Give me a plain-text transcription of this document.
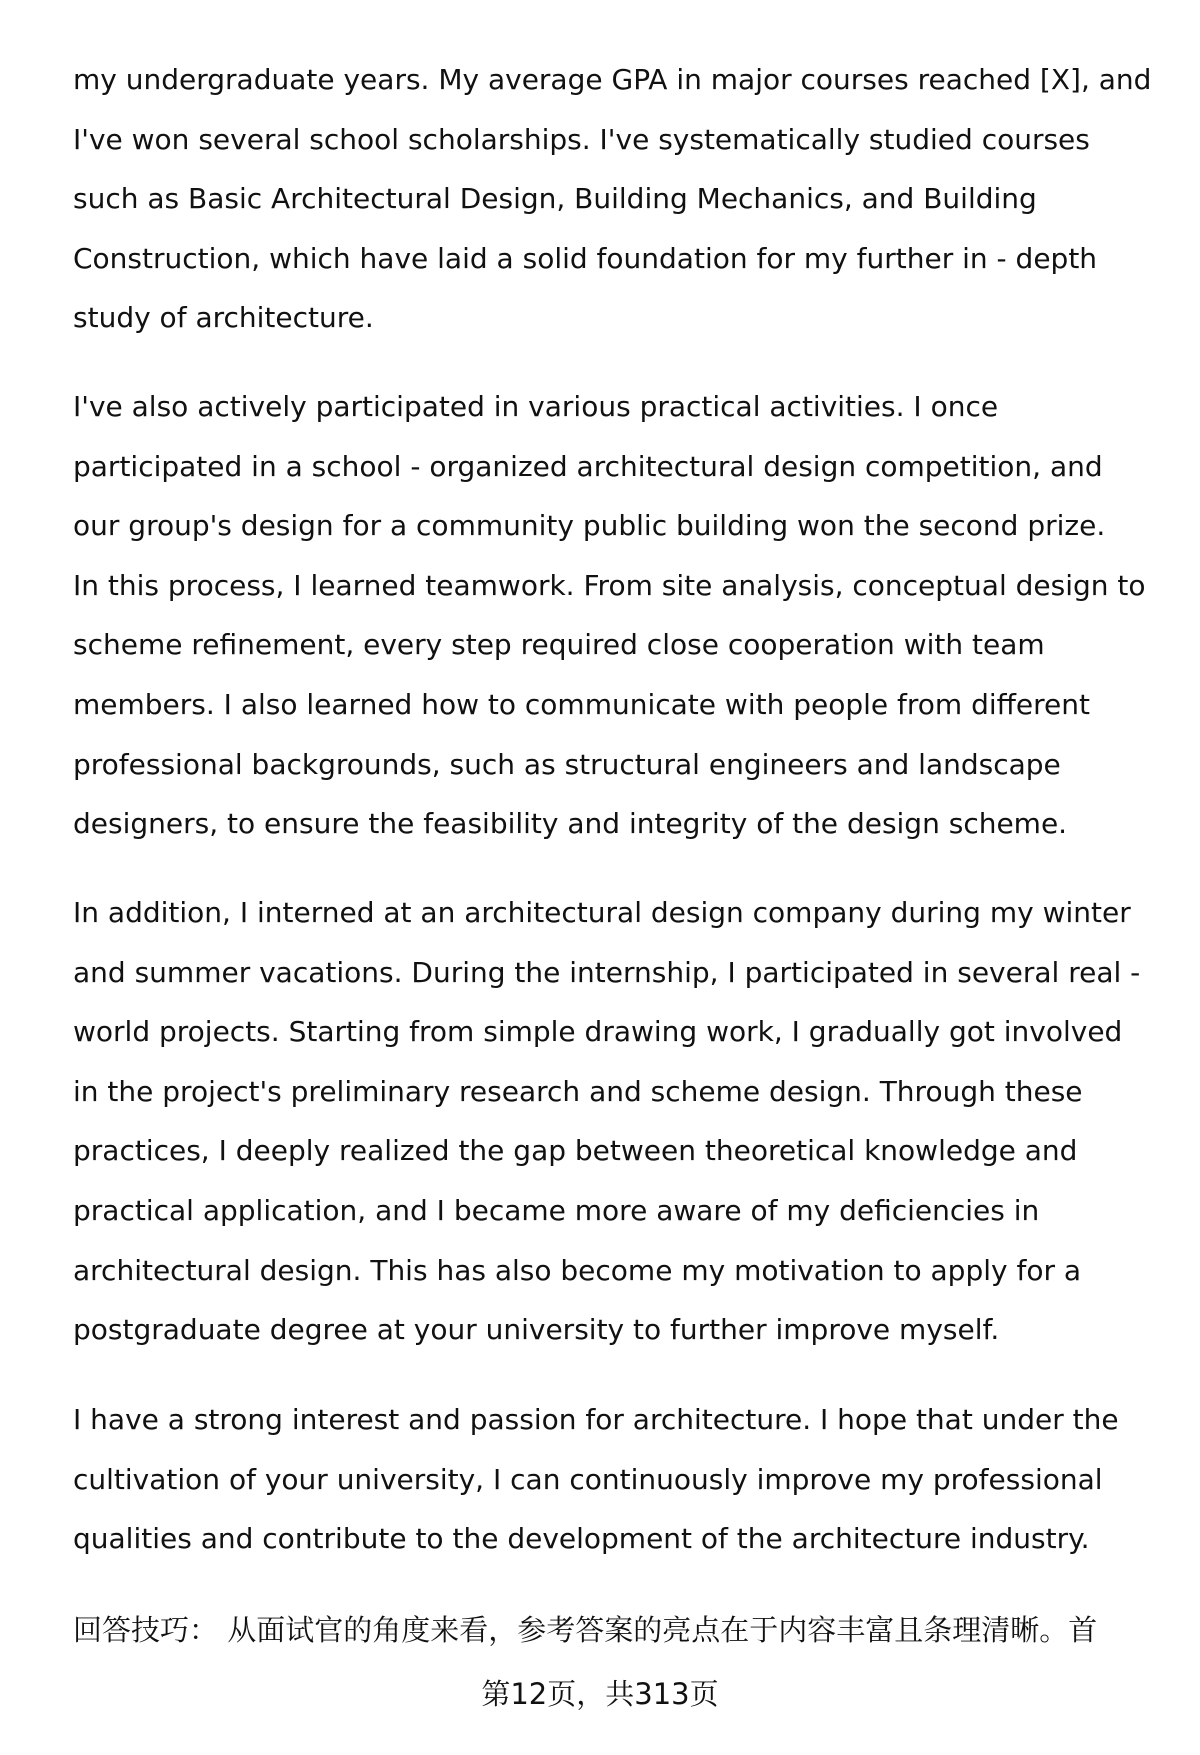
my undergraduate years. My average GPA in major courses reached [X], and
I've won several school scholarships. I've systematically studied courses
such as Basic Architectural Design, Building Mechanics, and Building
Construction, which have laid a solid foundation for my further in - depth
study of architecture.
I've also actively participated in various practical activities. I once
participated in a school - organized architectural design competition, and
our group's design for a community public building won the second prize.
In this process, I learned teamwork. From site analysis, conceptual design to
scheme refinement, every step required close cooperation with team
members. I also learned how to communicate with people from different
professional backgrounds, such as structural engineers and landscape
designers, to ensure the feasibility and integrity of the design scheme.
In addition, I interned at an architectural design company during my winter
and summer vacations. During the internship, I participated in several real -
world projects. Starting from simple drawing work, I gradually got involved
in the project's preliminary research and scheme design. Through these
practices, I deeply realized the gap between theoretical knowledge and
practical application, and I became more aware of my deficiencies in
architectural design. This has also become my motivation to apply for a
postgraduate degree at your university to further improve myself.
I have a strong interest and passion for architecture. I hope that under the
cultivation of your university, I can continuously improve my professional
qualities and contribute to the development of the architecture industry.
回答技巧： 从面试官的角度来看，参考答案的亮点在于内容丰富且条理清晰。首
第12页，共313页
